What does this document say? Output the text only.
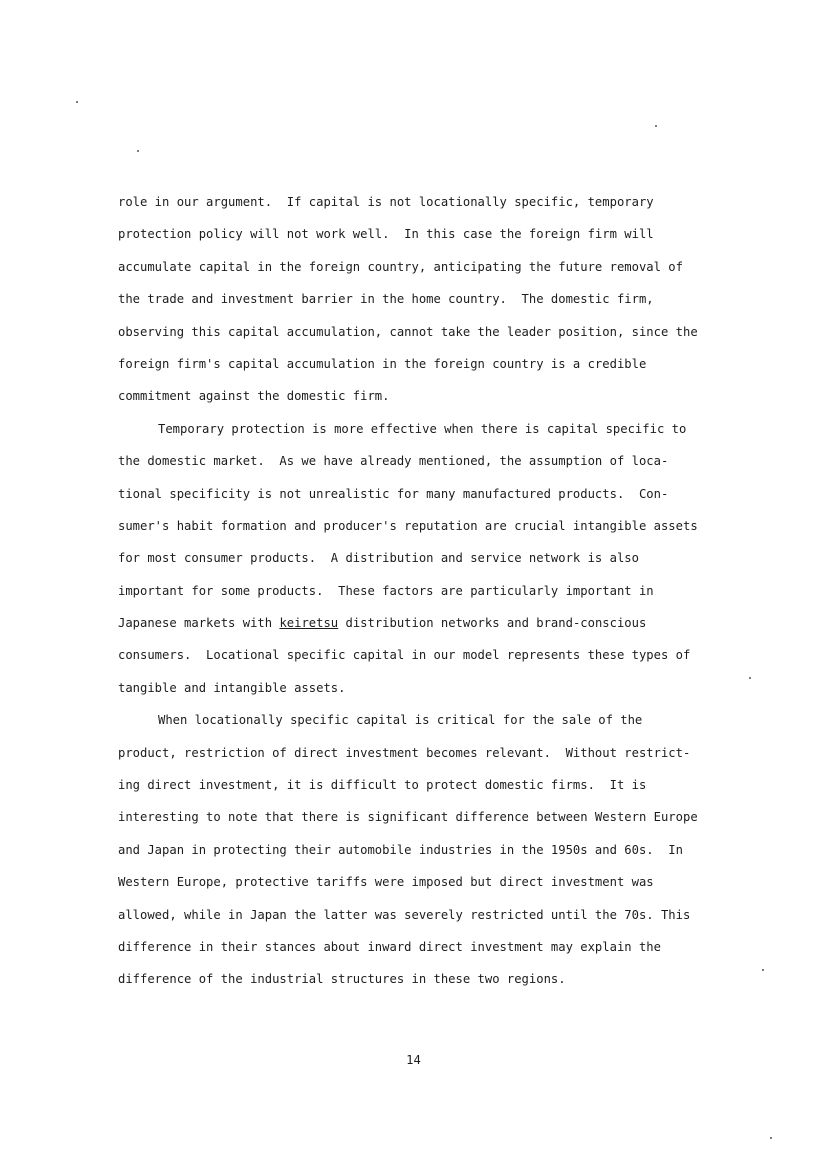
role in our argument.  If capital is not locationally specific, temporary
protection policy will not work well.  In this case the foreign firm will
accumulate capital in the foreign country, anticipating the future removal of
the trade and investment barrier in the home country.  The domestic firm,
observing this capital accumulation, cannot take the leader position, since the
foreign firm's capital accumulation in the foreign country is a credible
commitment against the domestic firm.
Temporary protection is more effective when there is capital specific to
the domestic market.  As we have already mentioned, the assumption of loca-
tional specificity is not unrealistic for many manufactured products.  Con-
sumer's habit formation and producer's reputation are crucial intangible assets
for most consumer products.  A distribution and service network is also
important for some products.  These factors are particularly important in
Japanese markets with keiretsu distribution networks and brand-conscious
consumers.  Locational specific capital in our model represents these types of
tangible and intangible assets.
When locationally specific capital is critical for the sale of the
product, restriction of direct investment becomes relevant.  Without restrict-
ing direct investment, it is difficult to protect domestic firms.  It is
interesting to note that there is significant difference between Western Europe
and Japan in protecting their automobile industries in the 1950s and 60s.  In
Western Europe, protective tariffs were imposed but direct investment was
allowed, while in Japan the latter was severely restricted until the 70s. This
difference in their stances about inward direct investment may explain the
difference of the industrial structures in these two regions.
14
